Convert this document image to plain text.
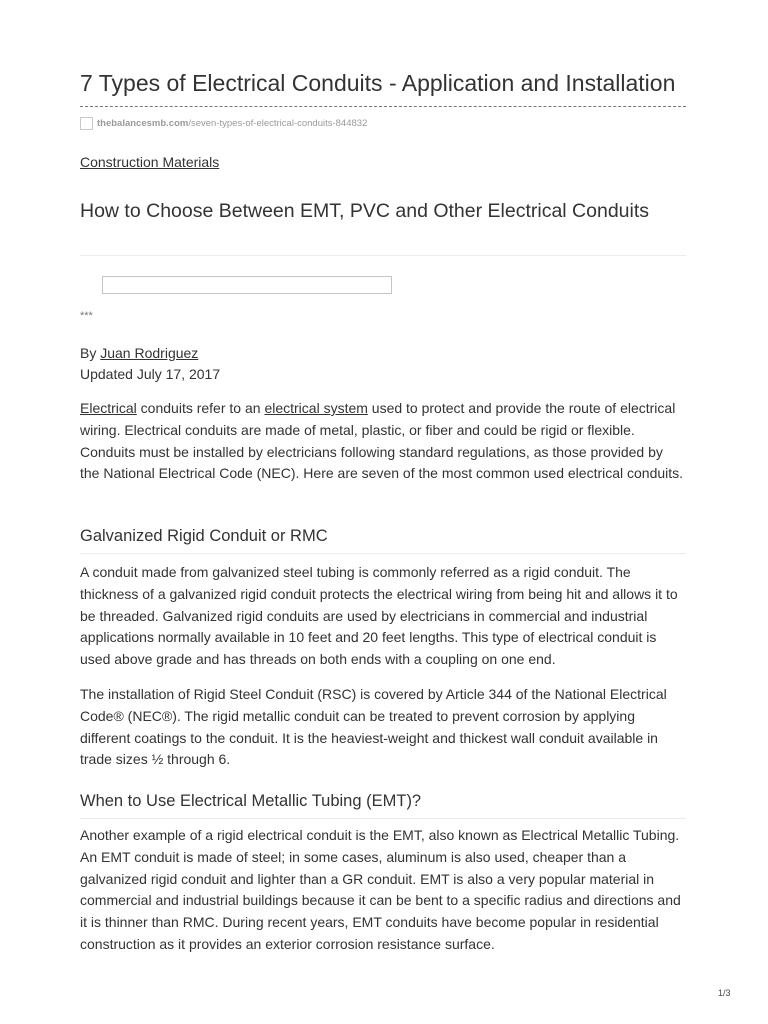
7 Types of Electrical Conduits - Application and Installation
thebalancesmb.com /seven-types-of-electrical-conduits-844832
Construction Materials
How to Choose Between EMT, PVC and Other Electrical Conduits
***
By Juan Rodriguez
Updated July 17, 2017

Electrical conduits refer to an electrical system used to protect and provide the route of electrical wiring. Electrical conduits are made of metal, plastic, or fiber and could be rigid or flexible. Conduits must be installed by electricians following standard regulations, as those provided by the National Electrical Code (NEC). Here are seven of the most common used electrical conduits.

Galvanized Rigid Conduit or RMC

A conduit made from galvanized steel tubing is commonly referred as a rigid conduit. The thickness of a galvanized rigid conduit protects the electrical wiring from being hit and allows it to be threaded. Galvanized rigid conduits are used by electricians in commercial and industrial applications normally available in 10 feet and 20 feet lengths. This type of electrical conduit is used above grade and has threads on both ends with a coupling on one end.

The installation of Rigid Steel Conduit (RSC) is covered by Article 344 of the National Electrical Code® (NEC®). The rigid metallic conduit can be treated to prevent corrosion by applying different coatings to the conduit. It is the heaviest-weight and thickest wall conduit available in trade sizes ½ through 6.

When to Use Electrical Metallic Tubing (EMT)?

Another example of a rigid electrical conduit is the EMT, also known as Electrical Metallic Tubing. An EMT conduit is made of steel; in some cases, aluminum is also used, cheaper than a galvanized rigid conduit and lighter than a GR conduit. EMT is also a very popular material in commercial and industrial buildings because it can be bent to a specific radius and directions and it is thinner than RMC. During recent years, EMT conduits have become popular in residential construction as it provides an exterior corrosion resistance surface.

1/3
